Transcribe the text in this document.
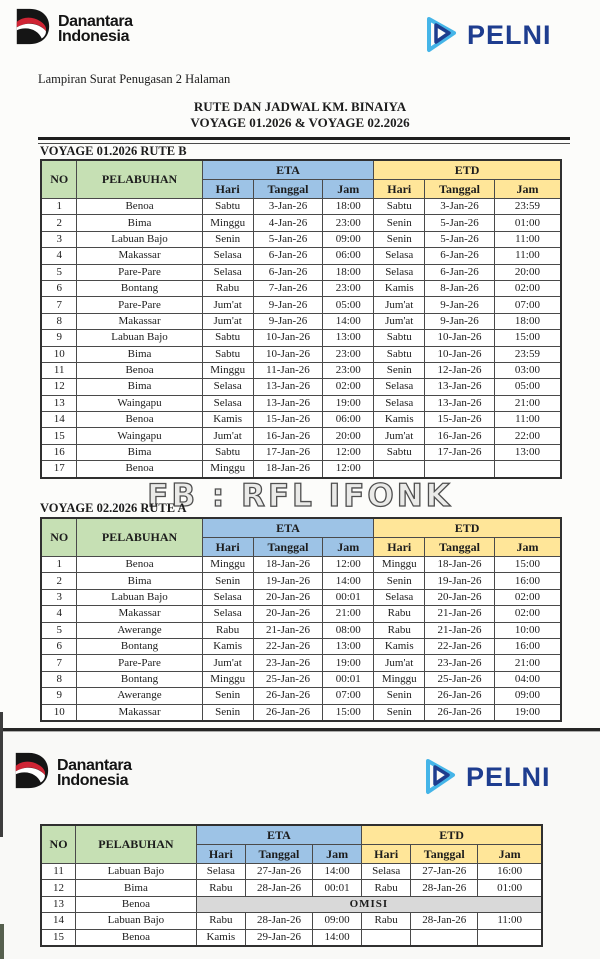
Danantara
Indonesia	PELNI
Lampiran Surat Penugasan 2 Halaman
RUTE DAN JADWAL KM. BINAIYA
VOYAGE 01.2026 & VOYAGE 02.2026
VOYAGE 01.2026 RUTE B
NO	PELABUHAN	ETA			ETD		
		Hari	Tanggal	Jam	Hari	Tanggal	Jam
1	Benoa	Sabtu	3-Jan-26	18:00	Sabtu	3-Jan-26	23:59
2	Bima	Minggu	4-Jan-26	23:00	Senin	5-Jan-26	01:00
3	Labuan Bajo	Senin	5-Jan-26	09:00	Senin	5-Jan-26	11:00
4	Makassar	Selasa	6-Jan-26	06:00	Selasa	6-Jan-26	11:00
5	Pare-Pare	Selasa	6-Jan-26	18:00	Selasa	6-Jan-26	20:00
6	Bontang	Rabu	7-Jan-26	23:00	Kamis	8-Jan-26	02:00
7	Pare-Pare	Jum'at	9-Jan-26	05:00	Jum'at	9-Jan-26	07:00
8	Makassar	Jum'at	9-Jan-26	14:00	Jum'at	9-Jan-26	18:00
9	Labuan Bajo	Sabtu	10-Jan-26	13:00	Sabtu	10-Jan-26	15:00
10	Bima	Sabtu	10-Jan-26	23:00	Sabtu	10-Jan-26	23:59
11	Benoa	Minggu	11-Jan-26	23:00	Senin	12-Jan-26	03:00
12	Bima	Selasa	13-Jan-26	02:00	Selasa	13-Jan-26	05:00
13	Waingapu	Selasa	13-Jan-26	19:00	Selasa	13-Jan-26	21:00
14	Benoa	Kamis	15-Jan-26	06:00	Kamis	15-Jan-26	11:00
15	Waingapu	Jum'at	16-Jan-26	20:00	Jum'at	16-Jan-26	22:00
16	Bima	Sabtu	17-Jan-26	12:00	Sabtu	17-Jan-26	13:00
17	Benoa	Minggu	18-Jan-26	12:00			
FB : RFL IFONK
VOYAGE 02.2026 RUTE A
NO	PELABUHAN	ETA			ETD		
		Hari	Tanggal	Jam	Hari	Tanggal	Jam
1	Benoa	Minggu	18-Jan-26	12:00	Minggu	18-Jan-26	15:00
2	Bima	Senin	19-Jan-26	14:00	Senin	19-Jan-26	16:00
3	Labuan Bajo	Selasa	20-Jan-26	00:01	Selasa	20-Jan-26	02:00
4	Makassar	Selasa	20-Jan-26	21:00	Rabu	21-Jan-26	02:00
5	Awerange	Rabu	21-Jan-26	08:00	Rabu	21-Jan-26	10:00
6	Bontang	Kamis	22-Jan-26	13:00	Kamis	22-Jan-26	16:00
7	Pare-Pare	Jum'at	23-Jan-26	19:00	Jum'at	23-Jan-26	21:00
8	Bontang	Minggu	25-Jan-26	00:01	Minggu	25-Jan-26	04:00
9	Awerange	Senin	26-Jan-26	07:00	Senin	26-Jan-26	09:00
10	Makassar	Senin	26-Jan-26	15:00	Senin	26-Jan-26	19:00
Danantara
Indonesia	PELNI
NO	PELABUHAN	ETA			ETD		
		Hari	Tanggal	Jam	Hari	Tanggal	Jam
11	Labuan Bajo	Selasa	27-Jan-26	14:00	Selasa	27-Jan-26	16:00
12	Bima	Rabu	28-Jan-26	00:01	Rabu	28-Jan-26	01:00
13	Benoa	OMISI					
14	Labuan Bajo	Rabu	28-Jan-26	09:00	Rabu	28-Jan-26	11:00
15	Benoa	Kamis	29-Jan-26	14:00			
